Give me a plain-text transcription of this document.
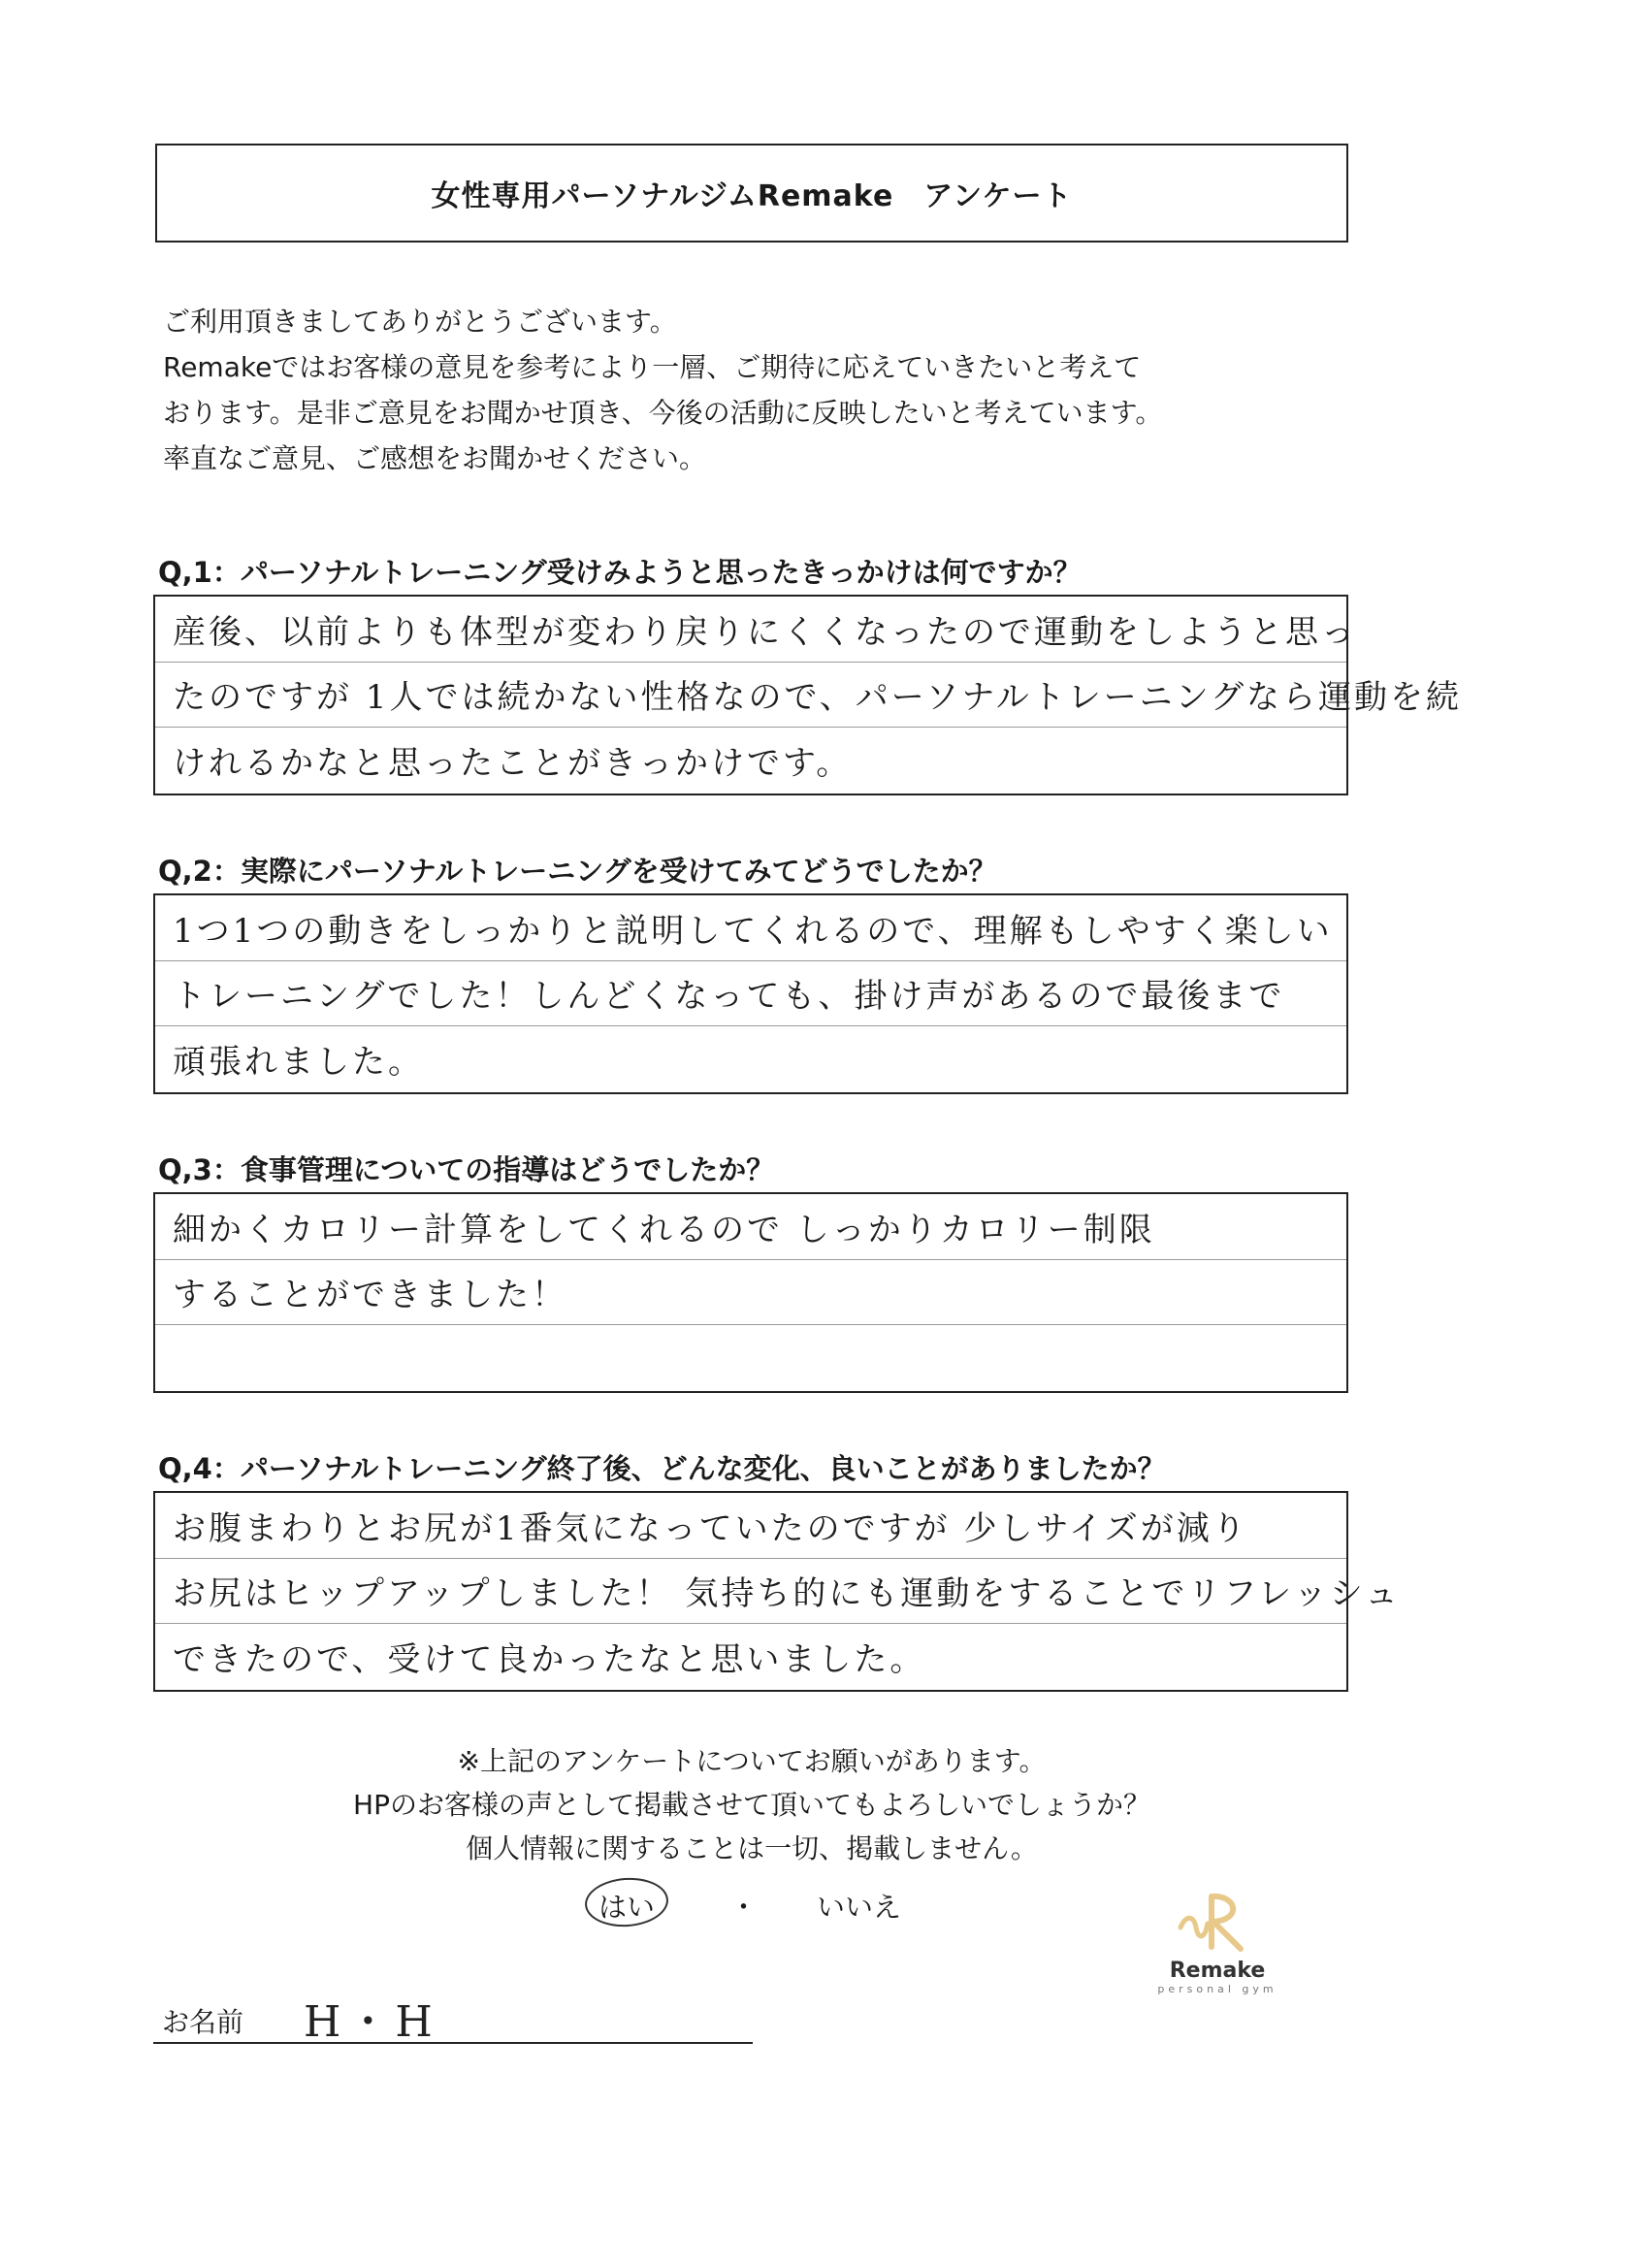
女性専用パーソナルジムRemake　アンケート
ご利用頂きましてありがとうございます。
Remakeではお客様の意見を参考により一層、ご期待に応えていきたいと考えて
おります。是非ご意見をお聞かせ頂き、今後の活動に反映したいと考えています。
率直なご意見、ご感想をお聞かせください。
Q,1：パーソナルトレーニング受けみようと思ったきっかけは何ですか？
産後、以前よりも体型が変わり戻りにくくなったので運動をしようと思っ
たのですが 1人では続かない性格なので、パーソナルトレーニングなら運動を続
けれるかなと思ったことがきっかけです。
Q,2：実際にパーソナルトレーニングを受けてみてどうでしたか？
1つ1つの動きをしっかりと説明してくれるので、理解もしやすく楽しい
トレーニングでした！しんどくなっても、掛け声があるので最後まで
頑張れました。
Q,3：食事管理についての指導はどうでしたか？
細かくカロリー計算をしてくれるので しっかりカロリー制限
することができました！
Q,4：パーソナルトレーニング終了後、どんな変化、良いことがありましたか？
お腹まわりとお尻が1番気になっていたのですが 少しサイズが減り
お尻はヒップアップしました！ 気持ち的にも運動をすることでリフレッシュ
できたので、受けて良かったなと思いました。
※上記のアンケートについてお願いがあります。
HPのお客様の声として掲載させて頂いてもよろしいでしょうか？
個人情報に関することは一切、掲載しません。
はい	・ いいえ
お名前 H・H
Remake
personal gym
